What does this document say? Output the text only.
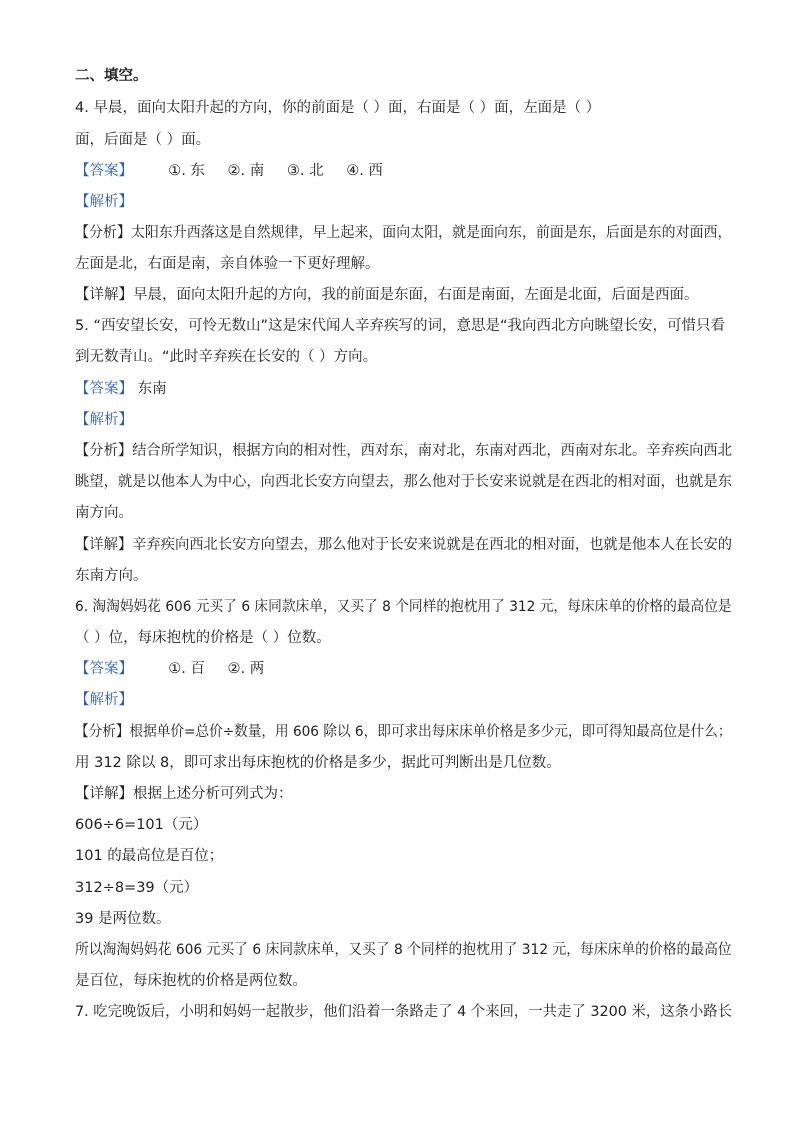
二、填空。
4. 早晨，面向太阳升起的方向，你的前面是（ ）面，右面是（ ）面，左面是（ ）
面，后面是（ ）面。
【答案】 ①. 东 ②. 南 ③. 北 ④. 西
【解析】
【分析】太阳东升西落这是自然规律，早上起来，面向太阳，就是面向东，前面是东，后面是东的对面西，
左面是北，右面是南，亲自体验一下更好理解。
【详解】早晨，面向太阳升起的方向，我的前面是东面，右面是南面，左面是北面，后面是西面。
5. “西安望长安，可怜无数山”这是宋代闻人辛弃疾写的词，意思是“我向西北方向眺望长安，可惜只看
到无数青山。“此时辛弃疾在长安的（ ）方向。
【答案】 东南
【解析】
【分析】结合所学知识，根据方向的相对性，西对东，南对北，东南对西北，西南对东北。辛弃疾向西北
眺望，就是以他本人为中心，向西北长安方向望去，那么他对于长安来说就是在西北的相对面，也就是东
南方向。
【详解】辛弃疾向西北长安方向望去，那么他对于长安来说就是在西北的相对面，也就是他本人在长安的
东南方向。
6. 淘淘妈妈花 606 元买了 6 床同款床单，又买了 8 个同样的抱枕用了 312 元，每床床单的价格的最高位是
（ ）位，每床抱枕的价格是（ ）位数。
【答案】 ①. 百 ②. 两
【解析】
【分析】根据单价=总价÷数量，用 606 除以 6，即可求出每床床单价格是多少元，即可得知最高位是什么；
用 312 除以 8，即可求出每床抱枕的价格是多少，据此可判断出是几位数。
【详解】根据上述分析可列式为：
606÷6=101（元）
101 的最高位是百位；
312÷8=39（元）
39 是两位数。
所以淘淘妈妈花 606 元买了 6 床同款床单，又买了 8 个同样的抱枕用了 312 元，每床床单的价格的最高位
是百位，每床抱枕的价格是两位数。
7. 吃完晚饭后，小明和妈妈一起散步，他们沿着一条路走了 4 个来回，一共走了 3200 米，这条小路长
